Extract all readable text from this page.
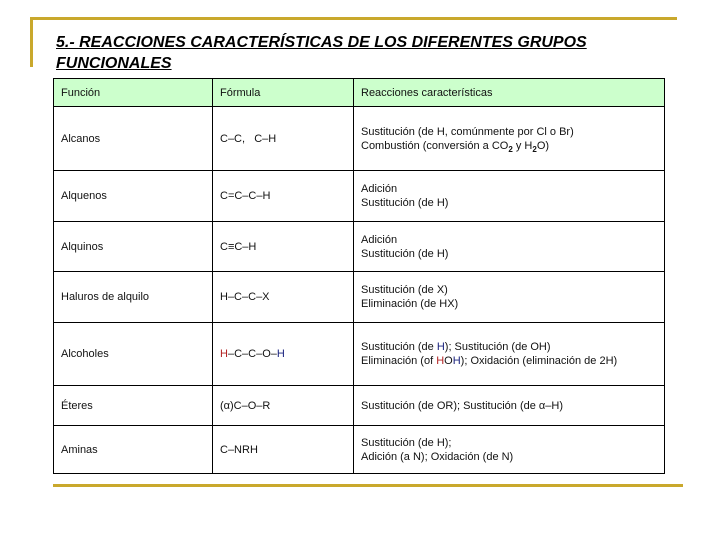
5.- REACCIONES CARACTERÍSTICAS DE LOS DIFERENTES GRUPOS FUNCIONALES
Función	Fórmula	Reacciones características
Alcanos	C–C,   C–H	Sustitución (de H, comúnmente por Cl o Br)
Combustión (conversión a $CO_2$ y $H_2O$)

Alquenos	C=C–C–H	Adición
Sustitución (de H)

Alquinos	C≡C–H	Adición
Sustitución (de H)

Haluros de alquilo	H–C–C–X	Sustitución (de X)
Eliminación (de HX)

Alcoholes	H–C–C–O–H	Sustitución (de H); Sustitución (de OH)
Eliminación (of HOH); Oxidación (eliminación de 2H)

Éteres	(α)C–O–R	Sustitución (de OR); Sustitución (de α–H)

Aminas	C–NRH	Sustitución (de H);
Adición (a N); Oxidación (de N)
